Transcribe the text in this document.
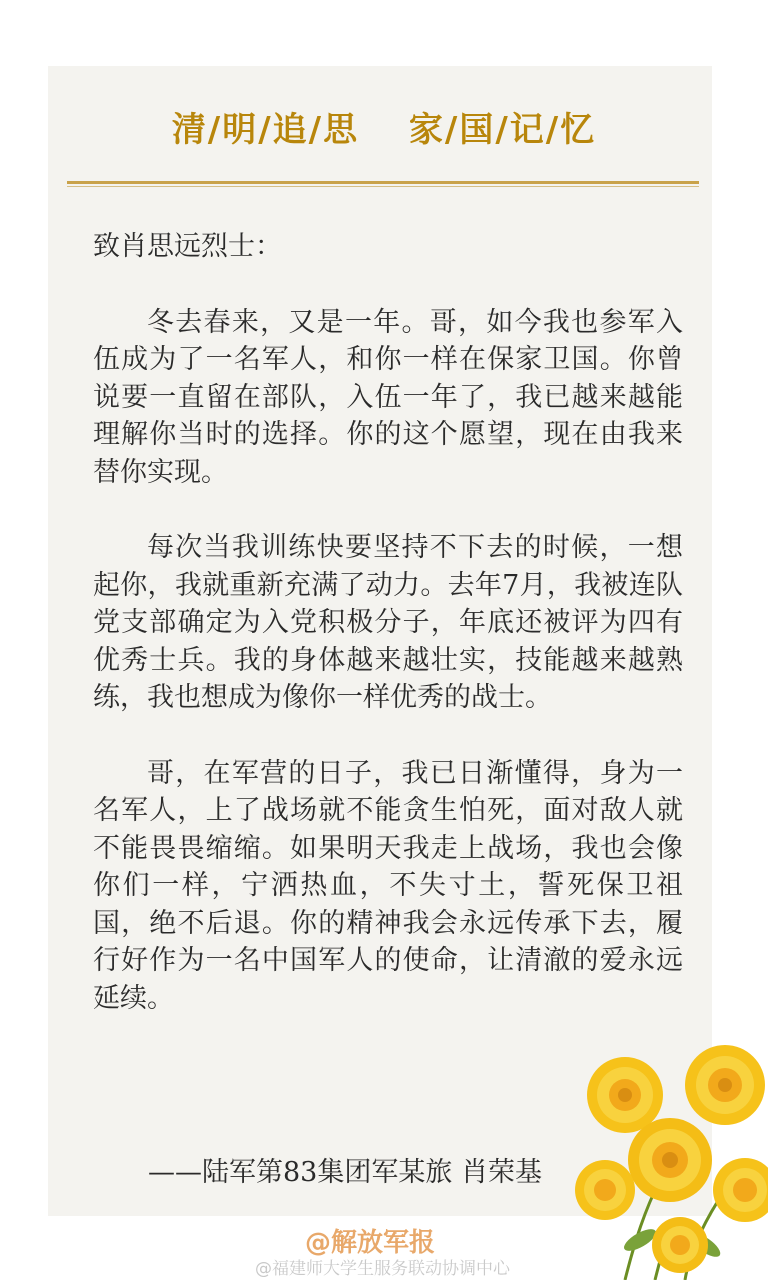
清/明/追/思　 家/国/记/忆

致肖思远烈士：

冬去春来，又是一年。哥，如今我也参军入伍成为了一名军人，和你一样在保家卫国。你曾说要一直留在部队，入伍一年了，我已越来越能理解你当时的选择。你的这个愿望，现在由我来替你实现。

每次当我训练快要坚持不下去的时候，一想起你，我就重新充满了动力。去年7月，我被连队党支部确定为入党积极分子，年底还被评为四有优秀士兵。我的身体越来越壮实，技能越来越熟练，我也想成为像你一样优秀的战士。

哥，在军营的日子，我已日渐懂得，身为一名军人，上了战场就不能贪生怕死，面对敌人就不能畏畏缩缩。如果明天我走上战场，我也会像你们一样，宁洒热血，不失寸土，誓死保卫祖国，绝不后退。你的精神我会永远传承下去，履行好作为一名中国军人的使命，让清澈的爱永远延续。

——陆军第83集团军某旅 肖荣基
@解放军报
@福建师大学生服务联动协调中心
